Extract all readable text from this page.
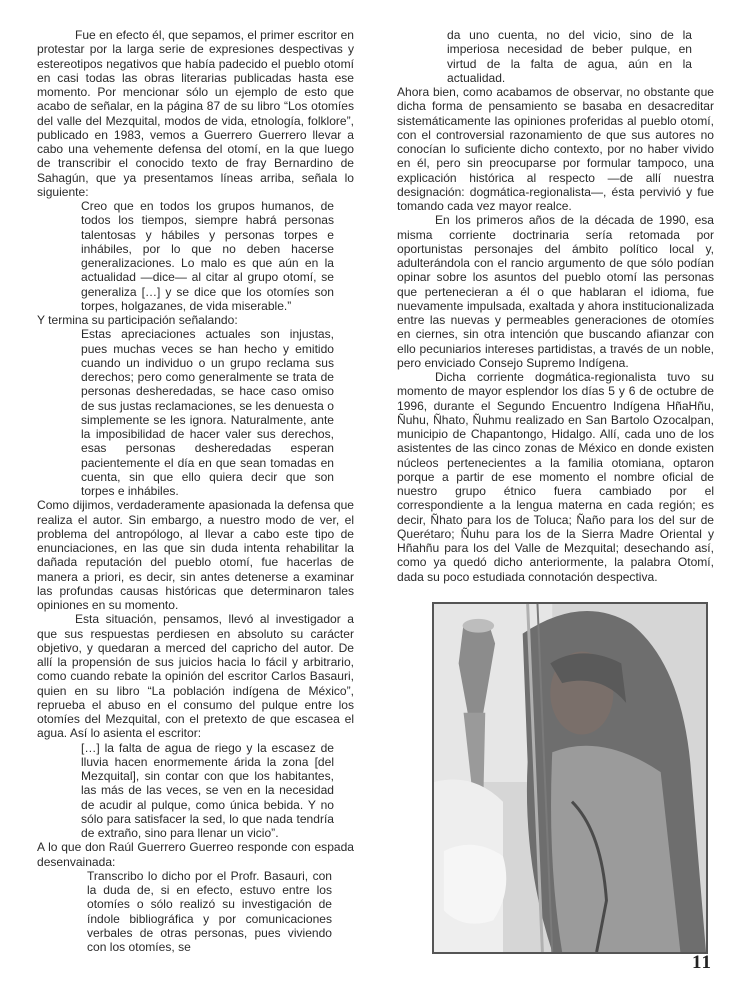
Fue en efecto él, que sepamos, el primer escritor en protestar por la larga serie de expresiones despectivas y estereotipos negativos que había padecido el pueblo otomí en casi todas las obras literarias publicadas hasta ese momento. Por mencionar sólo un ejemplo de esto que acabo de señalar, en la página 87 de su libro “Los otomíes del valle del Mezquital, modos de vida, etnología, folklore”, publicado en 1983, vemos a Guerrero Guerrero llevar a cabo una vehemente defensa del otomí, en la que luego de transcribir el conocido texto de fray Bernardino de Sahagún, que ya presentamos líneas arriba, señala lo siguiente:

Creo que en todos los grupos humanos, de todos los tiempos, siempre habrá personas talentosas y hábiles y personas torpes e inhábiles, por lo que no deben hacerse generalizaciones. Lo malo es que aún en la actualidad —dice— al citar al grupo otomí, se generaliza […] y se dice que los otomíes son torpes, holgazanes, de vida miserable.”

Y termina su participación señalando:

Estas apreciaciones actuales son injustas, pues muchas veces se han hecho y emitido cuando un individuo o un grupo reclama sus derechos; pero como generalmente se trata de personas desheredadas, se hace caso omiso de sus justas reclamaciones, se les denuesta o simplemente se les ignora. Naturalmente, ante la imposibilidad de hacer valer sus derechos, esas personas desheredadas esperan pacientemente el día en que sean tomadas en cuenta, sin que ello quiera decir que son torpes e inhábiles.

Como dijimos, verdaderamente apasionada la defensa que realiza el autor. Sin embargo, a nuestro modo de ver, el problema del antropólogo, al llevar a cabo este tipo de enunciaciones, en las que sin duda intenta rehabilitar la dañada reputación del pueblo otomí, fue hacerlas de manera a priori, es decir, sin antes detenerse a examinar las profundas causas históricas que determinaron tales opiniones en su momento.

Esta situación, pensamos, llevó al investigador a que sus respuestas perdiesen en absoluto su carácter objetivo, y quedaran a merced del capricho del autor. De allí la propensión de sus juicios hacia lo fácil y arbitrario, como cuando rebate la opinión del escritor Carlos Basauri, quien en su libro “La población indígena de México”, reprueba el abuso en el consumo del pulque entre los otomíes del Mezquital, con el pretexto de que escasea el agua. Así lo asienta el escritor:

[…] la falta de agua de riego y la escasez de lluvia hacen enormemente árida la zona [del Mezquital], sin contar con que los habitantes, las más de las veces, se ven en la necesidad de acudir al pulque, como única bebida. Y no sólo para satisfacer la sed, lo que nada tendría de extraño, sino para llenar un vicio”.

A lo que don Raúl Guerrero Guerreo responde con espada desenvainada:

Transcribo lo dicho por el Profr. Basauri, con la duda de, si en efecto, estuvo entre los otomíes o sólo realizó su investigación de índole bibliográfica y por comunicaciones verbales de otras personas, pues viviendo con los otomíes, se

da uno cuenta, no del vicio, sino de la imperiosa necesidad de beber pulque, en virtud de la falta de agua, aún en la actualidad.

Ahora bien, como acabamos de observar, no obstante que dicha forma de pensamiento se basaba en desacreditar sistemáticamente las opiniones proferidas al pueblo otomí, con el controversial razonamiento de que sus autores no conocían lo suficiente dicho contexto, por no haber vivido en él, pero sin preocuparse por formular tampoco, una explicación histórica al respecto —de allí nuestra designación: dogmática-regionalista—, ésta pervivió y fue tomando cada vez mayor realce.

En los primeros años de la década de 1990, esa misma corriente doctrinaria sería retomada por oportunistas personajes del ámbito político local y, adulterándola con el rancio argumento de que sólo podían opinar sobre los asuntos del pueblo otomí las personas que pertenecieran a él o que hablaran el idioma, fue nuevamente impulsada, exaltada y ahora institucionalizada entre las nuevas y permeables generaciones de otomíes en ciernes, sin otra intención que buscando afianzar con ello pecuniarios intereses partidistas, a través de un noble, pero enviciado Consejo Supremo Indígena.

Dicha corriente dogmática-regionalista tuvo su momento de mayor esplendor los días 5 y 6 de octubre de 1996, durante el Segundo Encuentro Indígena HñaHñu, Ñuhu, Ñhato, Ñuhmu realizado en San Bartolo Ozocalpan, municipio de Chapantongo, Hidalgo. Allí, cada uno de los asistentes de las cinco zonas de México en donde existen núcleos pertenecientes a la familia otomiana, optaron porque a partir de ese momento el nombre oficial de nuestro grupo étnico fuera cambiado por el correspondiente a la lengua materna en cada región; es decir, Ñhato para los de Toluca; Ñaño para los del sur de Querétaro; Ñuhu para los de la Sierra Madre Oriental y Hñahñu para los del Valle de Mezquital; desechando así, como ya quedó dicho anteriormente, la palabra Otomí, dada su poco estudiada connotación despectiva.

11
